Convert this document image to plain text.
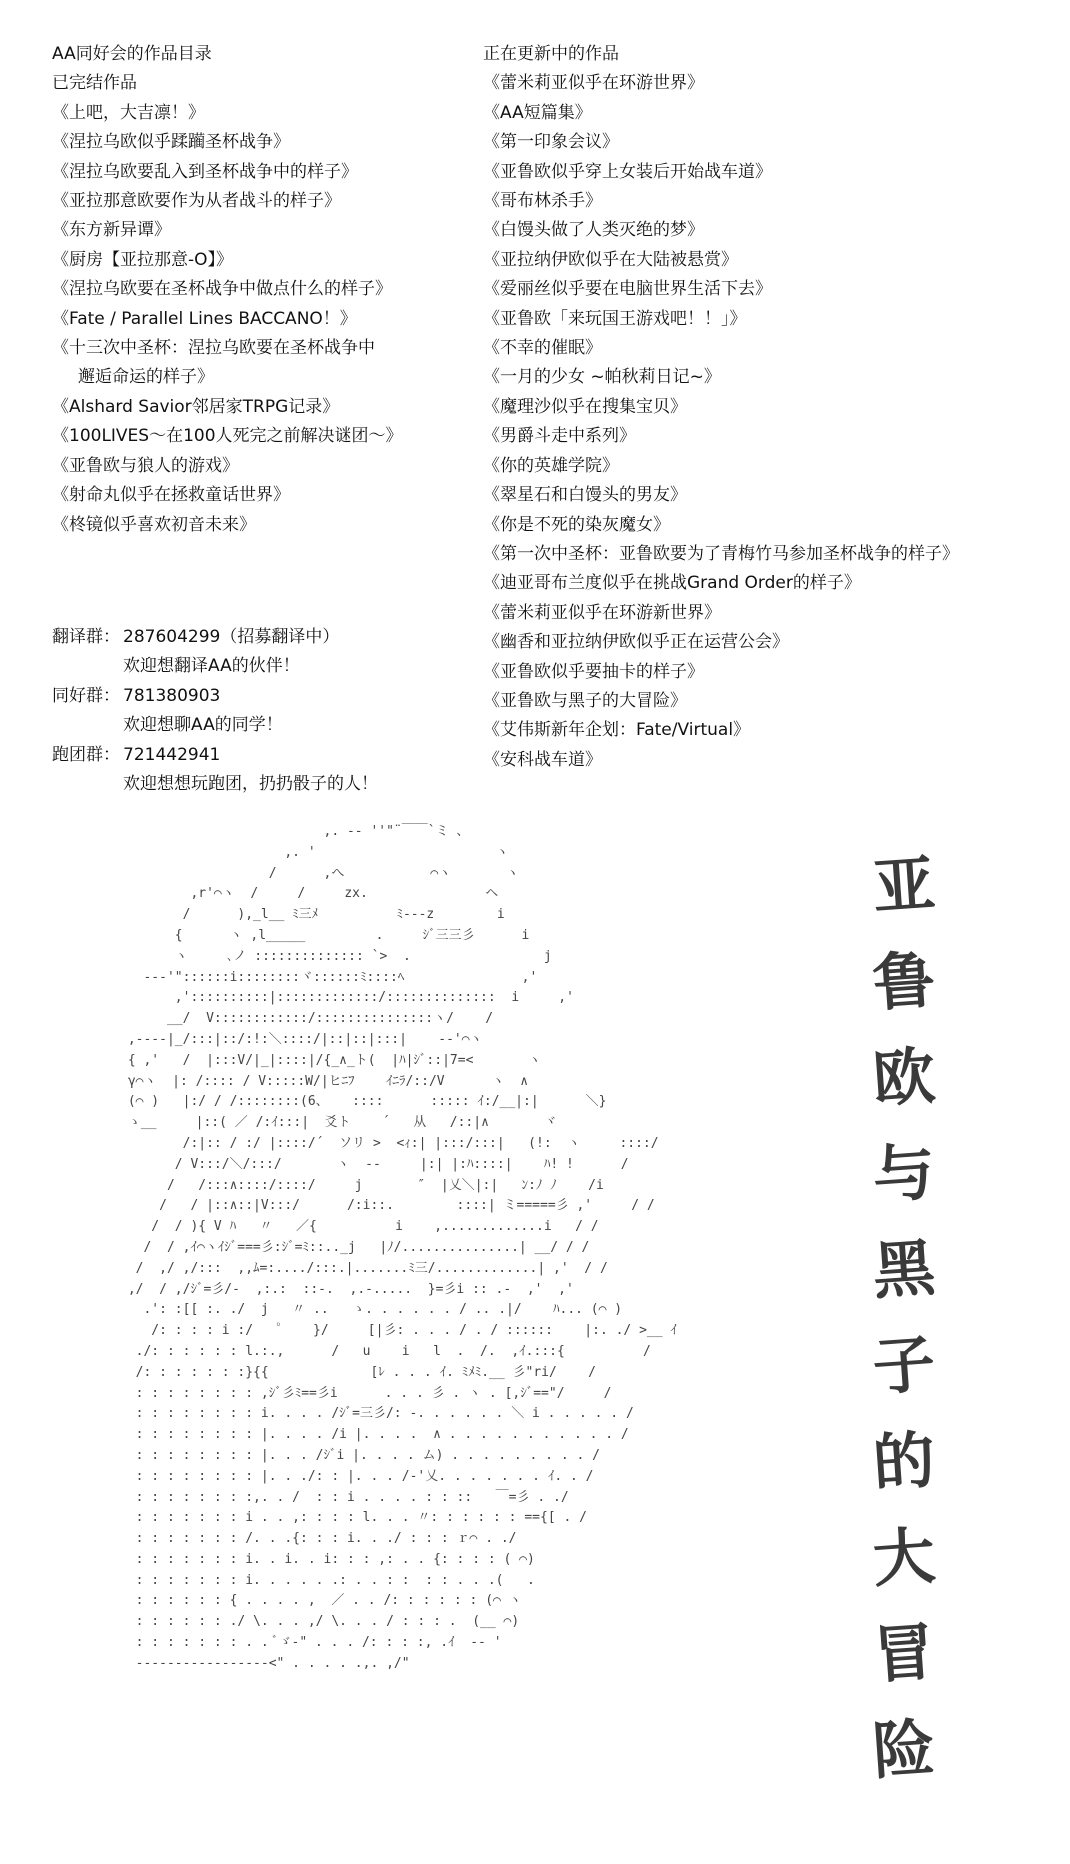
AA同好会的作品目录
已完结作品
《上吧，大吉凛！》
《涅拉乌欧似乎蹂躏圣杯战争》
《涅拉乌欧要乱入到圣杯战争中的样子》
《亚拉那意欧要作为从者战斗的样子》
《东方新异谭》
《厨房【亚拉那意-O】》
《涅拉乌欧要在圣杯战争中做点什么的样子》
《Fate / Parallel Lines BACCANO！》
《十三次中圣杯：涅拉乌欧要在圣杯战争中
邂逅命运的样子》
《Alshard Savior邻居家TRPG记录》
《100LIVES～在100人死完之前解决谜团～》
《亚鲁欧与狼人的游戏》
《射命丸似乎在拯救童话世界》
《柊镜似乎喜欢初音未来》
正在更新中的作品
《蕾米莉亚似乎在环游世界》
《AA短篇集》
《第一印象会议》
《亚鲁欧似乎穿上女装后开始战车道》
《哥布林杀手》
《白馒头做了人类灭绝的梦》
《亚拉纳伊欧似乎在大陆被悬赏》
《爱丽丝似乎要在电脑世界生活下去》
《亚鲁欧「来玩国王游戏吧！！」》
《不幸的催眠》
《一月的少女 ~帕秋莉日记~》
《魔理沙似乎在搜集宝贝》
《男爵斗走中系列》
《你的英雄学院》
《翠星石和白馒头的男友》
《你是不死的染灰魔女》
《第一次中圣杯：亚鲁欧要为了青梅竹马参加圣杯战争的样子》
《迪亚哥布兰度似乎在挑战Grand Order的样子》
《蕾米莉亚似乎在环游新世界》
《幽香和亚拉纳伊欧似乎正在运营公会》
《亚鲁欧似乎要抽卡的样子》
《亚鲁欧与黑子的大冒险》
《艾伟斯新年企划：Fate/Virtual》
《安科战车道》
翻译群： 287604299（招募翻译中）
欢迎想翻译AA的伙伴！
同好群： 781380903
欢迎想聊AA的同学！
跑团群： 721442941
欢迎想想玩跑团，扔扔骰子的人！
,. -‐ ''"¨￣￣`ミ 、
,. '                       ヽ
/      ,へ           ⌒ヽ       ヽ
,r'⌒ヽ  /     /     zx.               ヘ
/      ),_l__ ﾐ三ﾒ          ﾐ--‐z        i
{      ヽ ,l_____         .     ｼﾞ三三彡      i
ヽ     ､ノ :::::::::::::: `>  .                 j
--‐'"::::::i::::::::ヾ::::::ﾐ::::ﾍ               ,'
,'::::::::::|:::::::::::::/::::::::::::::  i     ,'
__/  V::::::::::::/:::::::::::::::ヽ/    /
,--‐‐|_/:::|::/:!:＼::::/|::|::|:::|    -‐'⌒ヽ
{ ,'   /  |:::V/|_|::::|/{_∧_ト(  |ﾊ|ｼﾞ::|7=<       ヽ
γ⌒ヽ  |: /:::: / V:::::W/|ヒﾆﾌ    ｲﾆﾗ/::/V      ヽ  ∧
(⌒ )   |:/ / /::::::::(6、   ::::      ::::: ｲ:/__|:|      ＼}
ゝ__     |::( ／ /:ｲ:::|  爻ト    ´   从   /::|∧       ヾ
/:|:: / :/ |::::/´  ソリ >  <ｨ:| |:::/:::|   (!:  ヽ     ::::/
/ V:::/＼/:::/       ヽ  ‐‐     |:| |:ﾊ::::|    ﾊ! !      /
/   /:::∧::::/::::/     j       ″  |乂＼|:|   ﾝ:ﾉ ﾉ    /i
/   / |::∧::|V:::/      /:i::.        ::::| ミ=====彡 ,'     / /
/  / ){ V ﾊ   〃   ／{          i    ,.............i   / /
/  / ,ｲ⌒ヽｲｼﾞ===彡:ｼﾞ=ﾐ::.._j   |ﾉ/...............| __/ / /
/  ,/ ,/:::  ,,ﾑ=:..../:::.|.......ﾐ三/.............| ,'  / /
,/  / ,/ｼﾞ=彡/‐  ,:.:  ::‐.  ,.-.....  }=彡i :: .‐  ,'  ,'
.': :[[ :. ./  j   〃 ..   ゝ. . . . . . / .. .|/    ﾊ... (⌒ )
/: : : : i :/   ゜   }/     [|彡: . . . / . / ::::::    |:. ./ >__ ｲ
./: : : : : : l.:.,      /   u    i   l  .  /.  ,ｲ.:::{          /
/: : : : : : :}{{             [ﾚ . . . ｲ. ﾐﾒﾐ.__ 彡"ri/    /
: : : : : : : : ,ｼﾞ彡ﾐ==彡i      . . . 彡 . ヽ . [,ｼﾞ=="/     /
: : : : : : : : i. . . . /ｼﾞ=三彡/: ‐. . . . . . ＼ i . . . . . /
: : : : : : : : |. . . . /i |. . . .  ∧ . . . . . . . . . . . /
: : : : : : : : |. . . /ｼﾞi |. . . . ム) . . . . . . . . . /
: : : : : : : : |. . ./: : |. . . /‐'乂. . . . . . . ｲ. . /
: : : : : : : :,. . /  : : i . . . . : : ::   ￣=彡 . ./
: : : : : : : i . . ,: : : : l. . . 〃: : : : : : =={[ . /
: : : : : : : /. . .{: : : i. . ./ : : : ｒ⌒ . ./
: : : : : : : i. . i. . i: : : ,: . . {: : : : ( ⌒)
: : : : : : : i. . . . . .: . . : :  : : . . .(   .
: : : : : : { . . . . ,  ／ . . /: : : : : : (⌒ ヽ
: : : : : : ./ \. . . ,/ \. . . / : : : .  (__ ⌒)
: : : : : : : . . ﾞゞ‐" . . . /: : : :, .ｲ  ‐‐ '
‐‐‐‐‐‐‐‐‐‐‐‐‐‐‐‐‐<" . . . . .,. ,/"
亚
鲁
欧
与
黑
子
的
大
冒
险
